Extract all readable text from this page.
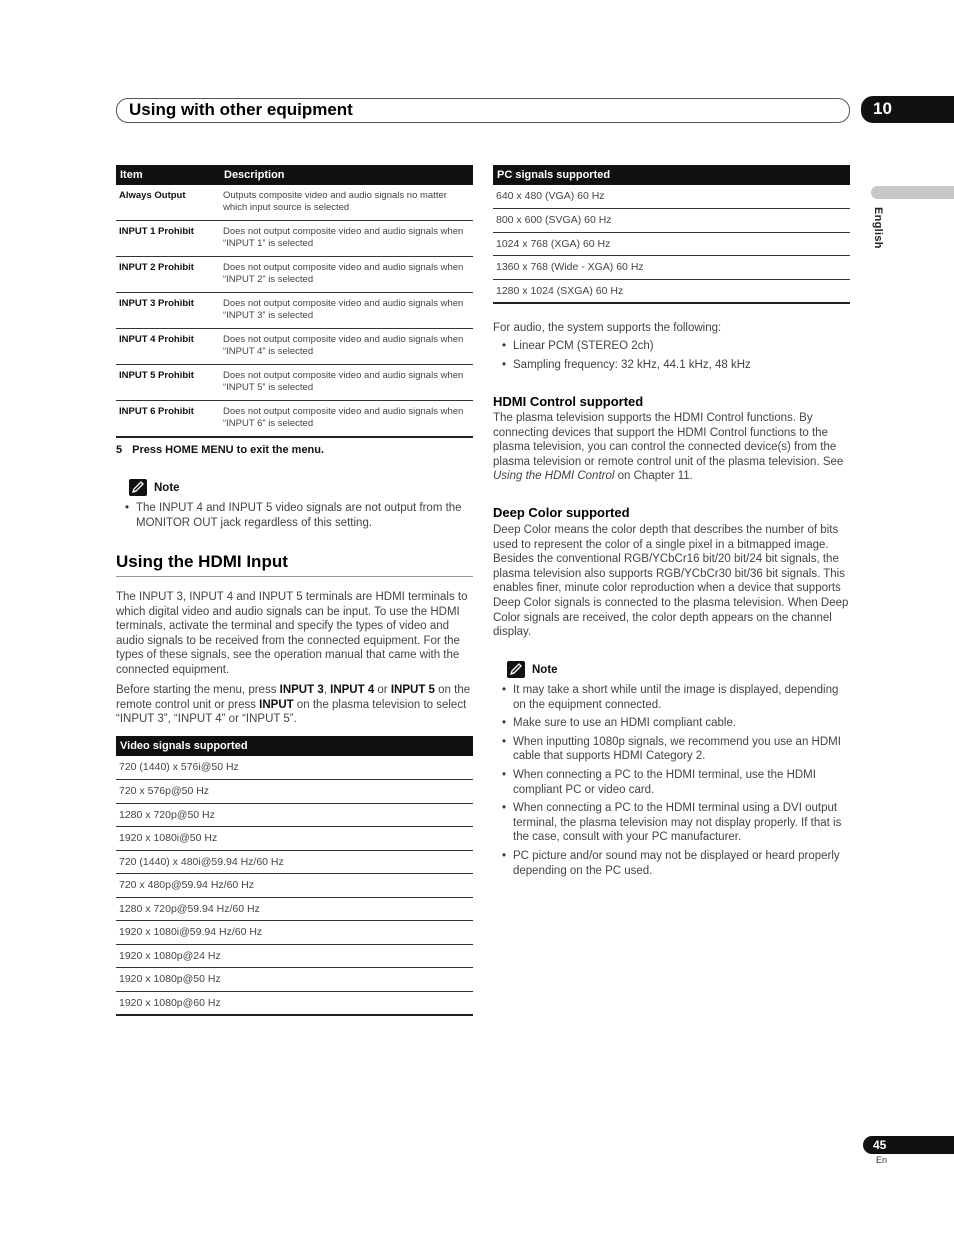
Using with other equipment	10
English
Item	Description
Always Output	Outputs composite video and audio signals no matter which input source is selected
INPUT 1 Prohibit	Does not output composite video and audio signals when “INPUT 1” is selected
INPUT 2 Prohibit	Does not output composite video and audio signals when “INPUT 2” is selected
INPUT 3 Prohibit	Does not output composite video and audio signals when “INPUT 3” is selected
INPUT 4 Prohibit	Does not output composite video and audio signals when “INPUT 4” is selected
INPUT 5 Prohibit	Does not output composite video and audio signals when “INPUT 5” is selected
INPUT 6 Prohibit	Does not output composite video and audio signals when “INPUT 6” is selected
5 Press HOME MENU to exit the menu.
Note
• The INPUT 4 and INPUT 5 video signals are not output from the MONITOR OUT jack regardless of this setting.
Using the HDMI Input

The INPUT 3, INPUT 4 and INPUT 5 terminals are HDMI terminals to which digital video and audio signals can be input. To use the HDMI terminals, activate the terminal and specify the types of video and audio signals to be received from the connected equipment. For the types of these signals, see the operation manual that came with the connected equipment.

Before starting the menu, press INPUT 3, INPUT 4 or INPUT 5 on the remote control unit or press INPUT on the plasma television to select “INPUT 3”, “INPUT 4” or “INPUT 5”.

Video signals supported
720 (1440) x 576i@50 Hz
720 x 576p@50 Hz
1280 x 720p@50 Hz
1920 x 1080i@50 Hz
720 (1440) x 480i@59.94 Hz/60 Hz
720 x 480p@59.94 Hz/60 Hz
1280 x 720p@59.94 Hz/60 Hz
1920 x 1080i@59.94 Hz/60 Hz
1920 x 1080p@24 Hz
1920 x 1080p@50 Hz
1920 x 1080p@60 Hz
PC signals supported
640 x 480 (VGA) 60 Hz
800 x 600 (SVGA) 60 Hz
1024 x 768 (XGA) 60 Hz
1360 x 768 (Wide - XGA) 60 Hz
1280 x 1024 (SXGA) 60 Hz

For audio, the system supports the following:

• Linear PCM (STEREO 2ch)
• Sampling frequency: 32 kHz, 44.1 kHz, 48 kHz
HDMI Control supported

The plasma television supports the HDMI Control functions. By connecting devices that support the HDMI Control functions to the plasma television, you can control the connected device(s) from the plasma television or remote control unit of the plasma television. See Using the HDMI Control on Chapter 11.

Deep Color supported

Deep Color means the color depth that describes the number of bits used to represent the color of a single pixel in a bitmapped image. Besides the conventional RGB/YCbCr16 bit/20 bit/24 bit signals, the plasma television also supports RGB/YCbCr30 bit/36 bit signals. This enables finer, minute color reproduction when a device that supports Deep Color signals is connected to the plasma television. When Deep Color signals are received, the color depth appears on the channel display.

Note
• It may take a short while until the image is displayed, depending on the equipment connected.
• Make sure to use an HDMI compliant cable.
• When inputting 1080p signals, we recommend you use an HDMI cable that supports HDMI Category 2.
• When connecting a PC to the HDMI terminal, use the HDMI compliant PC or video card.
• When connecting a PC to the HDMI terminal using a DVI output terminal, the plasma television may not display properly. If that is the case, consult with your PC manufacturer.
• PC picture and/or sound may not be displayed or heard properly depending on the PC used.
45
En
